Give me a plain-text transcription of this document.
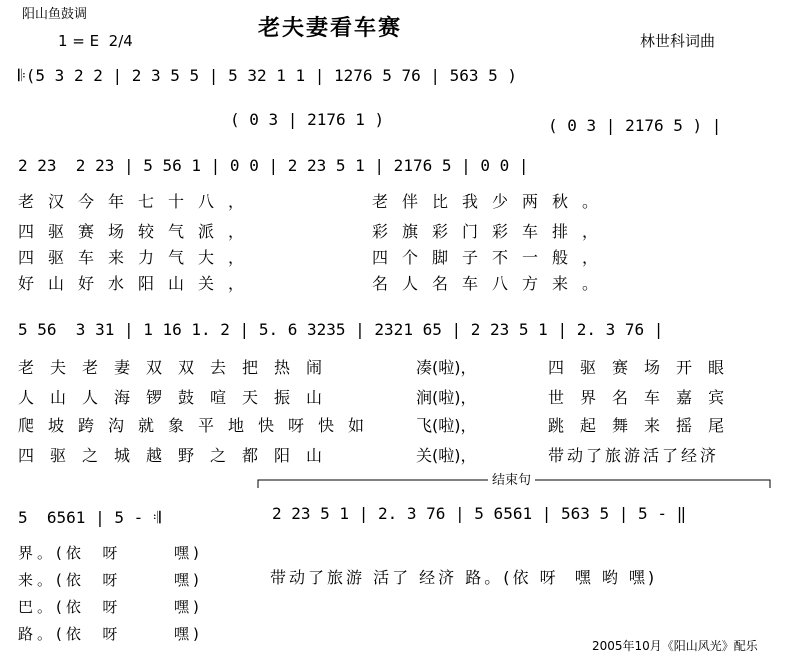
阳山鱼鼓调
1 = E  2/4	老夫妻看车赛	林世科词曲
𝄆(5 3 2 2 | 2 3 5 5 | 5 32 1 1 | 1276 5 76 | 563 5 )
( 0 3 | 2176 1 )	( 0 3 | 2176 5 ) |
2 23  2 23 | 5 56 1 | 0 0 | 2 23 5 1 | 2176 5 | 0 0 |
老汉今年七十八，	老伴比我少两秋。
四驱赛场较气派，	彩旗彩门彩车排，
四驱车来力气大，	四个脚子不一般，
好山好水阳山关，	名人名车八方来。
5 56  3 31 | 1 16 1. 2 | 5. 6 3235 | 2321 65 | 2 23 5 1 | 2. 3 76 |
老夫老妻双双去把热闹	凑(啦)，	四驱赛场开眼
人山人海锣鼓喧天振山	涧(啦)，	世界名车嘉宾
爬坡跨沟就象平地快呀快如 飞(啦)，	跳起舞来摇尾
四驱之城越野之都阳山	关(啦)，	带动了旅游活了经济
结束句
5  6561 | 5 - 𝄇	2 23 5 1 | 2. 3 76 | 5 6561 | 563 5 | 5 - ‖
界。(依  呀      嘿)
来。(依  呀      嘿)
巴。(依  呀      嘿)
路。(依  呀      嘿)
带动了旅游 活了 经济 路。(依 呀  嘿 哟 嘿)
2005年10月《阳山风光》配乐
